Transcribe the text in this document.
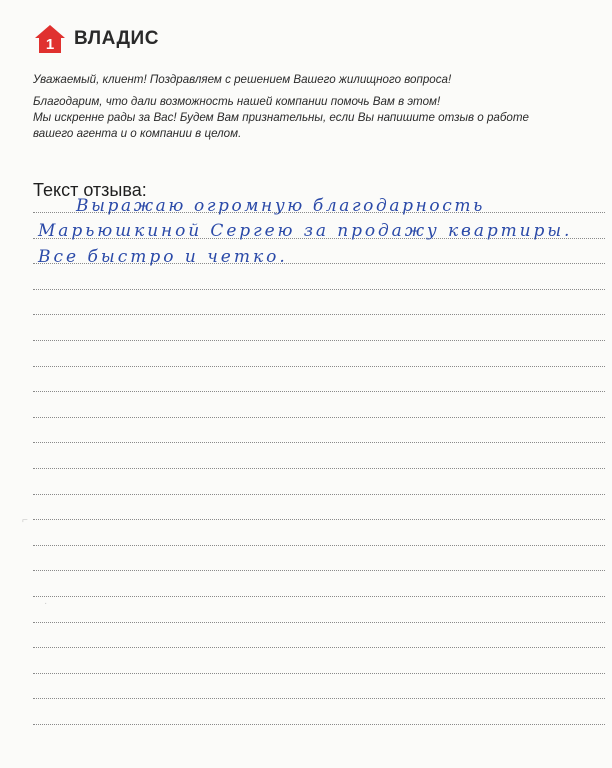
1 ВЛАДИС

Уважаемый, клиент! Поздравляем с решением Вашего жилищного вопроса!

Благодарим, что дали возможность нашей компании помочь Вам в этом!

Мы искренне рады за Вас! Будем Вам признательны, если Вы напишите отзыв о работе

вашего агента и о компании в целом.

Текст отзыва:
Выражаю огромную благодарность
Марьюшкиной Сергею за продажу квартиры.
Все быстро и четко.
⌐
·
